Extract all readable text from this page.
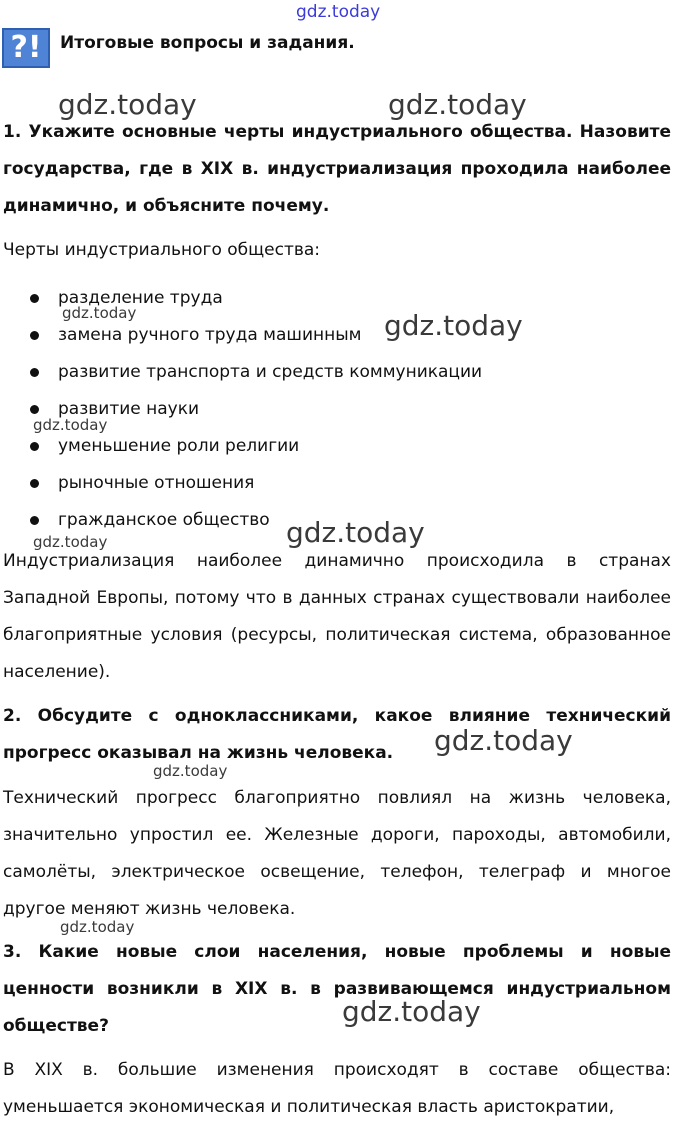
gdz.today
gdz.today	gdz.today
gdz.today	gdz.today
gdz.today
gdz.today
gdz.today
gdz.today
gdz.today
gdz.today
gdz.today
?!	Итоговые вопросы и задания.
1. Укажите основные черты индустриального общества. Назовите государства, где в XIX в. индустриализация проходила наиболее динамично, и объясните почему.
Черты индустриального общества:
разделение труда
замена ручного труда машинным
развитие транспорта и средств коммуникации
развитие науки
уменьшение роли религии
рыночные отношения
гражданское общество
Индустриализация наиболее динамично происходила в странах Западной Европы, потому что в данных странах существовали наиболее благоприятные условия (ресурсы, политическая система, образованное население).
2. Обсудите с одноклассниками, какое влияние технический прогресс оказывал на жизнь человека.
Технический прогресс благоприятно повлиял на жизнь человека, значительно упростил ее. Железные дороги, пароходы, автомобили, самолёты, электрическое освещение, телефон, телеграф и многое другое меняют жизнь человека.
3. Какие новые слои населения, новые проблемы и новые ценности возникли в XIX в. в развивающемся индустриальном обществе?
В XIX в. большие изменения происходят в составе общества: уменьшается экономическая и политическая власть аристократии,
